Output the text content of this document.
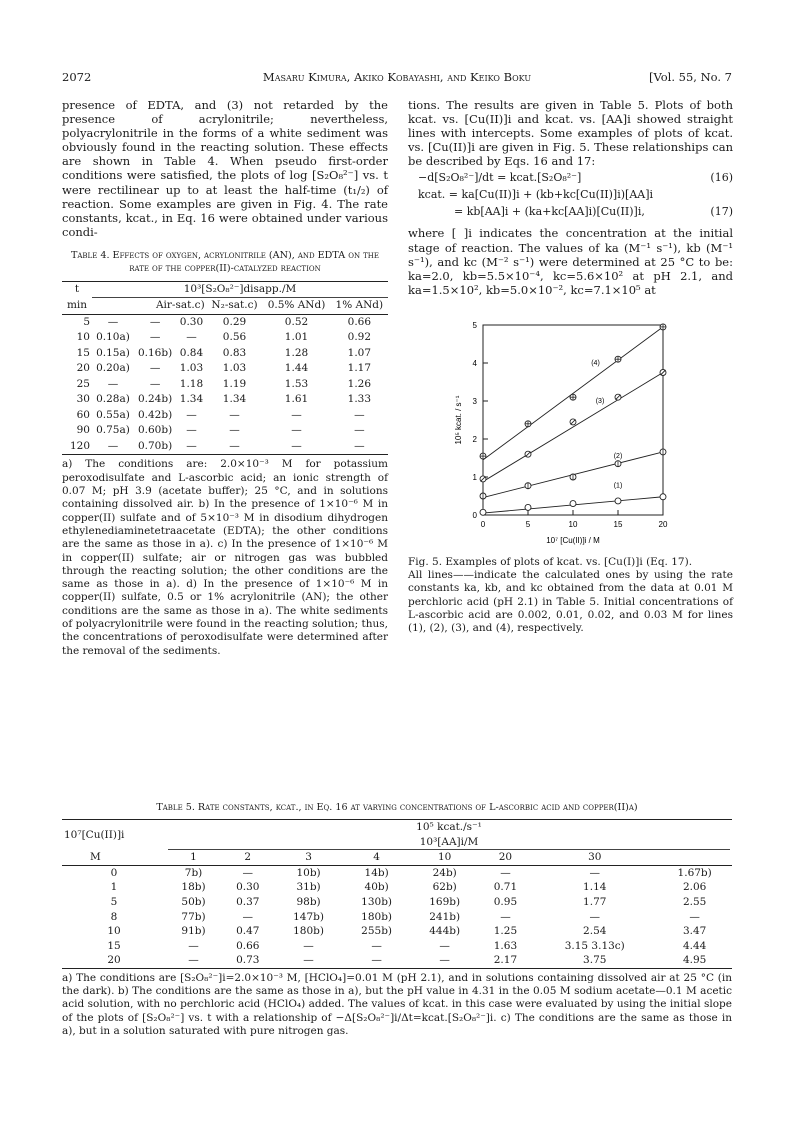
2072	Masaru Kimura, Akiko Kobayashi, and Keiko Boku	[Vol. 55, No. 7

presence of EDTA, and (3) not retarded by the presence of acrylonitrile; nevertheless, polyacrylonitrile in the forms of a white sediment was obviously found in the reacting solution. These effects are shown in Table 4. When pseudo first-order conditions were satisfied, the plots of log [S₂O₈²⁻] vs. t were rectilinear up to at least the half-time (t₁/₂) of reaction. Some examples are given in Fig. 4. The rate constants, kcat., in Eq. 16 were obtained under various condi-

Table 4. Effects of oxygen, acrylonitrile (AN), and EDTA on the rate of the copper(II)-catalyzed reaction
t	10³[S₂O₈²⁻]disapp./M					
min	Air-sat.c)			N₂-sat.c)	0.5% ANd)	1% ANd)
5	—	—	0.30	0.29	0.52	0.66
10	0.10a)	—	—	0.56	1.01	0.92
15	0.15a)	0.16b)	0.84	0.83	1.28	1.07
20	0.20a)	—	1.03	1.03	1.44	1.17
25	—	—	1.18	1.19	1.53	1.26
30	0.28a)	0.24b)	1.34	1.34	1.61	1.33
60	0.55a)	0.42b)	—	—	—	—
90	0.75a)	0.60b)	—	—	—	—
120	—	0.70b)	—	—	—	—
a) The conditions are: 2.0×10⁻³ M for potassium peroxodisulfate and L-ascorbic acid; an ionic strength of 0.07 M; pH 3.9 (acetate buffer); 25 °C, and in solutions containing dissolved air. b) In the presence of 1×10⁻⁶ M in copper(II) sulfate and of 5×10⁻³ M in disodium dihydrogen ethylenediaminetetraacetate (EDTA); the other conditions are the same as those in a). c) In the presence of 1×10⁻⁶ M in copper(II) sulfate; air or nitrogen gas was bubbled through the reacting solution; the other conditions are the same as those in a). d) In the presence of 1×10⁻⁶ M in copper(II) sulfate, 0.5 or 1% acrylonitrile (AN); the other conditions are the same as those in a). The white sediments of polyacrylonitrile were found in the reacting solution; thus, the concentrations of peroxodisulfate were determined after the removal of the sediments.

tions. The results are given in Table 5. Plots of both kcat. vs. [Cu(II)]i and kcat. vs. [AA]i showed straight lines with intercepts. Some examples of plots of kcat. vs. [Cu(II)]i are given in Fig. 5. These relationships can be described by Eqs. 16 and 17:

−d[S₂O₈²⁻]/dt = kcat.[S₂O₈²⁻]	(16)
kcat. = ka[Cu(II)]i + (kb+kc[Cu(II)]i)[AA]i
= kb[AA]i + (ka+kc[AA]i)[Cu(II)]i,	(17)

where [ ]i indicates the concentration at the initial stage of reaction. The values of ka (M⁻¹ s⁻¹), kb (M⁻¹ s⁻¹), and kc (M⁻² s⁻¹) were determined at 25 °C to be: ka=2.0, kb=5.5×10⁻⁴, kc=5.6×10² at pH 2.1, and ka=1.5×10², kb=5.0×10⁻², kc=7.1×10⁵ at

0	5	10	15	20
0
1
2
3
4
5
10⁷ [Cu(II)]i / M
10⁵ kcat. / s⁻¹
(1)
(2)
(3)
(4)
Fig. 5. Examples of plots of kcat. vs. [Cu(I)]i (Eq. 17).
All lines——indicate the calculated ones by using the rate constants ka, kb, and kc obtained from the data at 0.01 M perchloric acid (pH 2.1) in Table 5. Initial concentrations of L-ascorbic acid are 0.002, 0.01, 0.02, and 0.03 M for lines (1), (2), (3), and (4), respectively.
Table 5. Rate constants, kcat., in Eq. 16 at varying concentrations of L-ascorbic acid and copper(II)a)
10⁷[Cu(II)]i	10⁵ kcat./s⁻¹
10³[AA]i/M							

M	1	2	3	4	10	20	30	
0	7b)	—	10b)	14b)	24b)	—	—	1.67b)
1	18b)	0.30	31b)	40b)	62b)	0.71	1.14	2.06
5	50b)	0.37	98b)	130b)	169b)	0.95	1.77	2.55
8	77b)	—	147b)	180b)	241b)	—	—	—
10	91b)	0.47	180b)	255b)	444b)	1.25	2.54	3.47
15	—	0.66	—	—	—	1.63	3.15 3.13c)	4.44
20	—	0.73	—	—	—	2.17	3.75	4.95
a) The conditions are [S₂O₈²⁻]i=2.0×10⁻³ M, [HClO₄]=0.01 M (pH 2.1), and in solutions containing dissolved air at 25 °C (in the dark). b) The conditions are the same as those in a), but the pH value in 4.31 in the 0.05 M sodium acetate—0.1 M acetic acid solution, with no perchloric acid (HClO₄) added. The values of kcat. in this case were evaluated by using the initial slope of the plots of [S₂O₈²⁻] vs. t with a relationship of −Δ[S₂O₈²⁻]i/Δt=kcat.[S₂O₈²⁻]i. c) The conditions are the same as those in a), but in a solution saturated with pure nitrogen gas.
